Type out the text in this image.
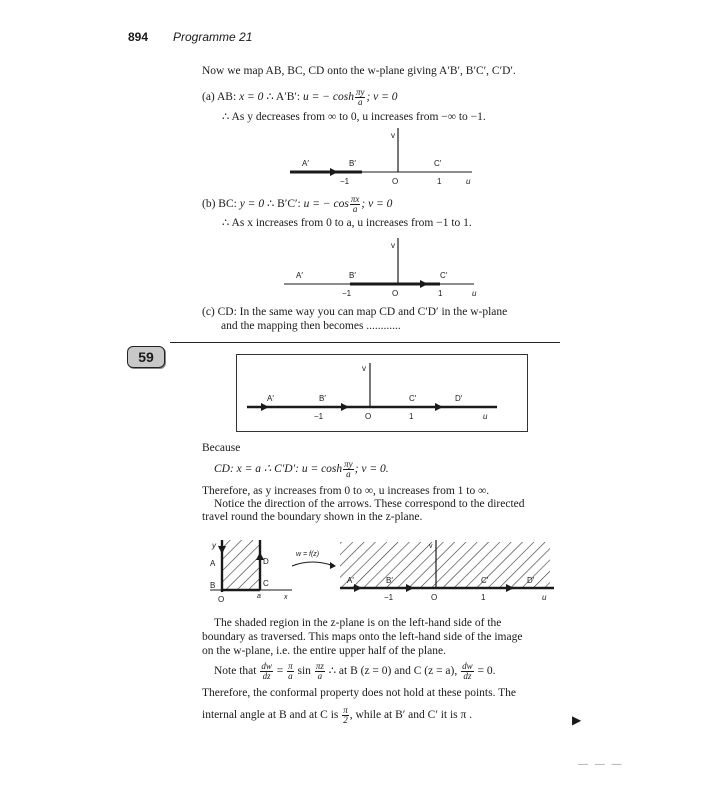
894 Programme 21
Now we map AB, BC, CD onto the w-plane giving A′B′, B′C′, C′D′.
(a) AB: x = 0 ∴ A′B′: u = − $\cosh \frac{\pi y}{a}$ ; v = 0
∴ As y decreases from ∞ to 0, u increases from −∞ to −1.
v
A′	B′	C′
−1	O	1	u
(b) BC: y = 0 ∴ B′C′: u = − $\cos \frac{\pi x}{a}$ ; v = 0
∴ As x increases from 0 to a, u increases from −1 to 1.
v
A′	B′	C′
−1	O	1	u
(c) CD: In the same way you can map CD and C′D′ in the w-plane
and the mapping then becomes ............
59
v
A′	B′	C′	D′
−1	O	1	u
Because
CD: x = a ∴ C′D′: $u = \cosh \frac{\pi y}{a}$ ; v = 0.
Therefore, as y increases from 0 to ∞, u increases from 1 to ∞.
Notice the direction of the arrows. These correspond to the directed
travel round the boundary shown in the z-plane.
y
A	D
C
B
O	a	x
w = f(z)
v
A′	B′	C′	D′
−1	O	1	u
The shaded region in the z-plane is on the left-hand side of the
boundary as traversed. This maps onto the left-hand side of the image
on the w-plane, i.e. the entire upper half of the plane.
Note that $\frac{dw}{dz} = \frac{\pi}{a}$ $\sin \frac{\pi z}{a}$ ∴ at B (z = 0) and C (z = a), $\frac{dw}{dz} = 0$.
Therefore, the conformal property does not hold at these points. The
internal angle at B and at C is $\frac{\pi}{2}$ , while at B′ and C′ it is π .	▶
— — —
